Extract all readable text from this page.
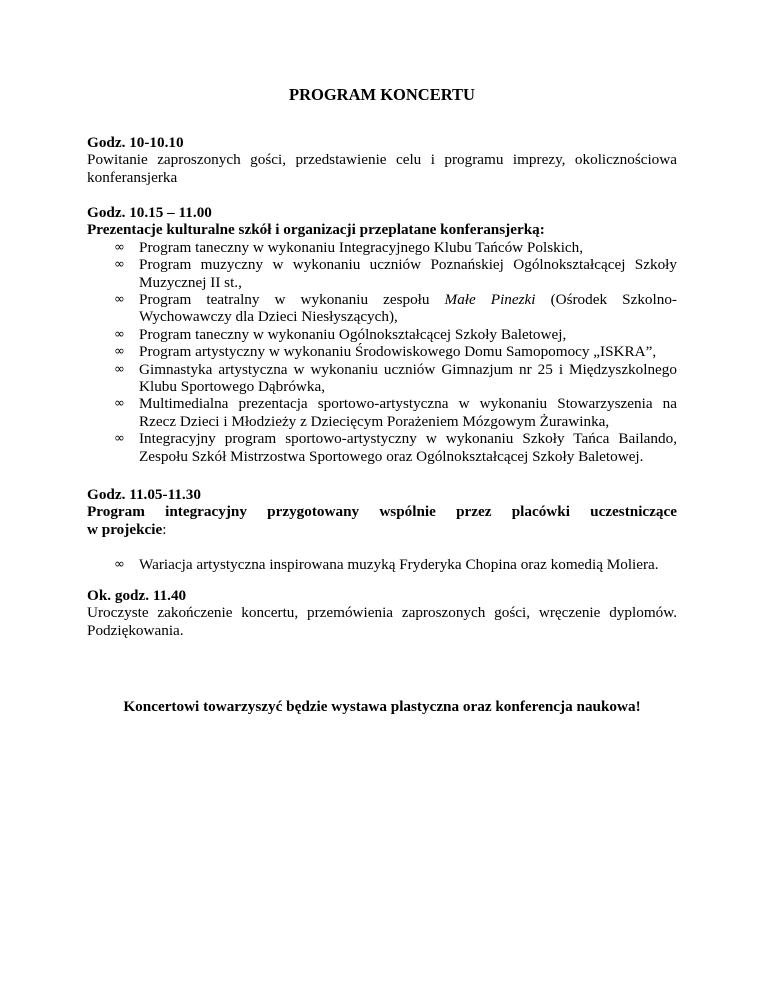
PROGRAM KONCERTU

Godz. 10-10.10

Powitanie zaproszonych gości, przedstawienie celu i programu imprezy, okolicznościowa konferansjerka

Godz. 10.15 – 11.00

Prezentacje kulturalne szkół i organizacji przeplatane konferansjerką:

∞ Program taneczny w wykonaniu Integracyjnego Klubu Tańców Polskich,
∞ Program muzyczny w wykonaniu uczniów Poznańskiej Ogólnokształcącej Szkoły Muzycznej II st.,
∞ Program teatralny w wykonaniu zespołu Małe Pinezki (Ośrodek Szkolno-Wychowawczy dla Dzieci Niesłyszących),
∞ Program taneczny w wykonaniu Ogólnokształcącej Szkoły Baletowej,
∞ Program artystyczny w wykonaniu Środowiskowego Domu Samopomocy „ISKRA”,
∞ Gimnastyka artystyczna w wykonaniu uczniów Gimnazjum nr 25 i Międzyszkolnego Klubu Sportowego Dąbrówka,
∞ Multimedialna prezentacja sportowo-artystyczna w wykonaniu Stowarzyszenia na Rzecz Dzieci i Młodzieży z Dziecięcym Porażeniem Mózgowym Żurawinka,
∞ Integracyjny program sportowo-artystyczny w wykonaniu Szkoły Tańca Bailando, Zespołu Szkół Mistrzostwa Sportowego oraz Ogólnokształcącej Szkoły Baletowej.

Godz. 11.05-11.30

Program integracyjny przygotowany wspólnie przez placówki uczestniczące

w projekcie:

∞ Wariacja artystyczna inspirowana muzyką Fryderyka Chopina oraz komedią Moliera.

Ok. godz. 11.40

Uroczyste zakończenie koncertu, przemówienia zaproszonych gości, wręczenie dyplomów. Podziękowania.

Koncertowi towarzyszyć będzie wystawa plastyczna oraz konferencja naukowa!
